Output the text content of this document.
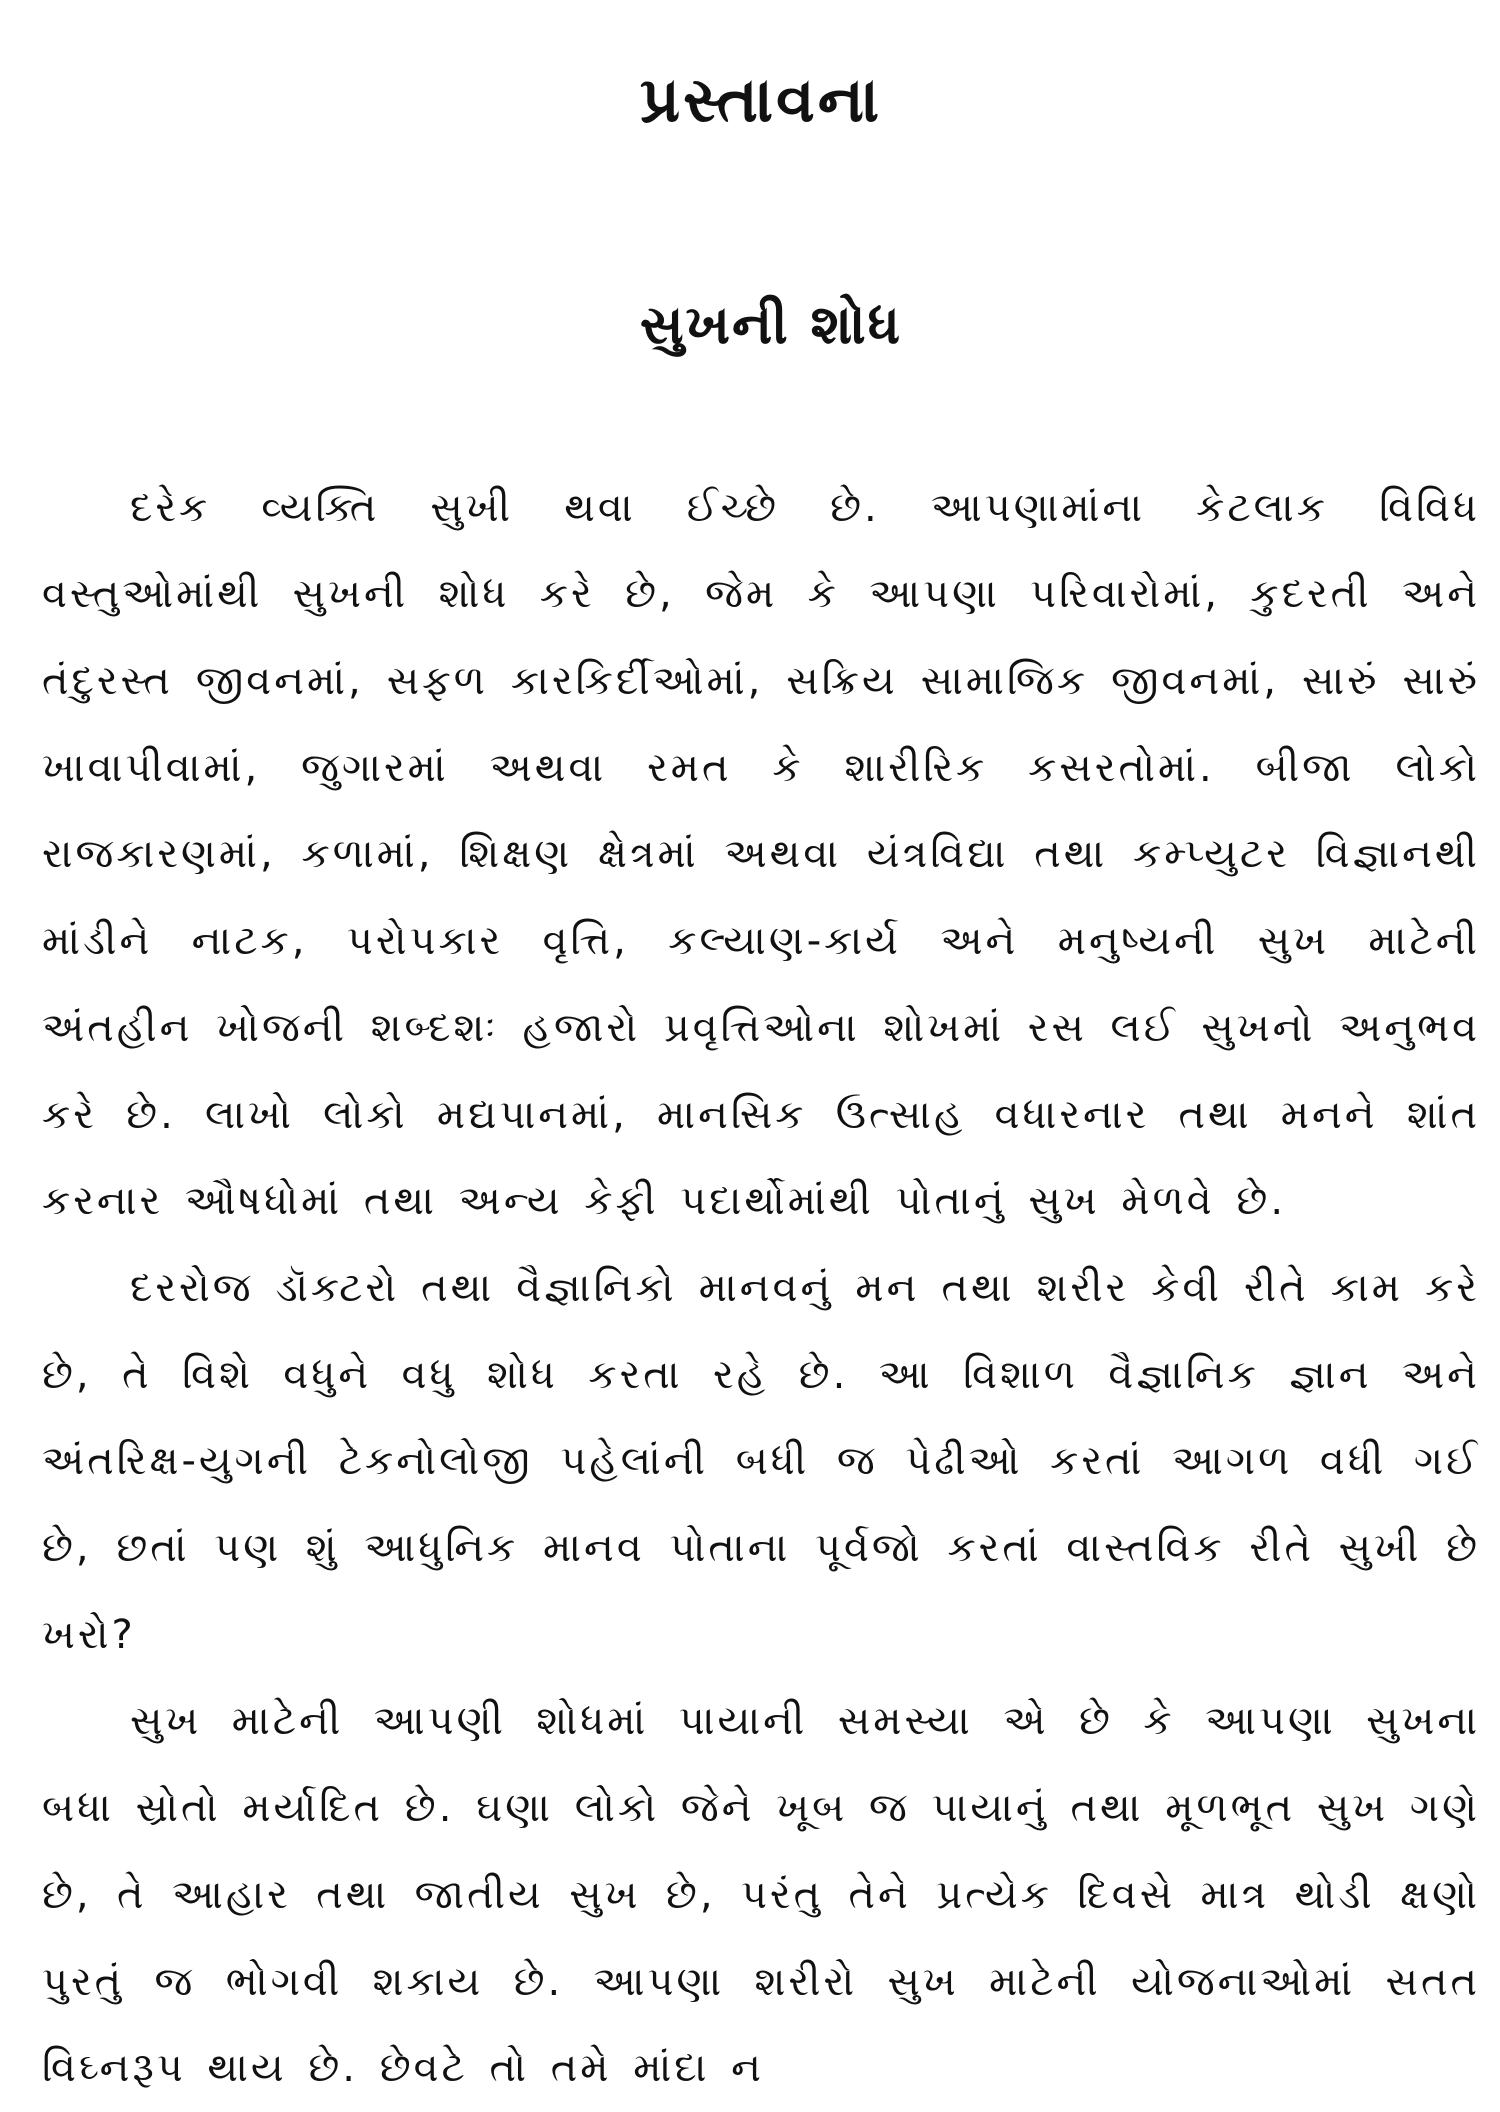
પ્રસ્તાવના
સુખની શોધ

દરેક વ્યક્તિ સુખી થવા ઈચ્છે છે. આપણામાંના કેટલાક વિવિધ વસ્તુઓમાંથી સુખની શોધ કરે છે, જેમ કે આપણા પરિવારોમાં, કુદરતી અને તંદુરસ્ત જીવનમાં, સફળ કારકિર્દીઓમાં, સક્રિય સામાજિક જીવનમાં, સારું સારું ખાવાપીવામાં, જુગારમાં અથવા રમત કે શારીરિક કસરતોમાં. બીજા લોકો રાજકારણમાં, કળામાં, શિક્ષણ ક્ષેત્રમાં અથવા યંત્રવિદ્યા તથા કમ્પ્યુટર વિજ્ઞાનથી માંડીને નાટક, પરોપકાર વૃત્તિ, કલ્યાણ-કાર્ય અને મનુષ્યની સુખ માટેની અંતહીન ખોજની શબ્દશઃ હજારો પ્રવૃત્તિઓના શોખમાં રસ લઈ સુખનો અનુભવ કરે છે. લાખો લોકો મદ્યપાનમાં, માનસિક ઉત્સાહ વધારનાર તથા મનને શાંત કરનાર ઔષધોમાં તથા અન્ય કેફી પદાર્થોમાંથી પોતાનું સુખ મેળવે છે.

દરરોજ ડૉક્ટરો તથા વૈજ્ઞાનિકો માનવનું મન તથા શરીર કેવી રીતે કામ કરે છે, તે વિશે વધુને વધુ શોધ કરતા રહે છે. આ વિશાળ વૈજ્ઞાનિક જ્ઞાન અને અંતરિક્ષ-યુગની ટેકનોલોજી પહેલાંની બધી જ પેઢીઓ કરતાં આગળ વધી ગઈ છે, છતાં પણ શું આધુનિક માનવ પોતાના પૂર્વજો કરતાં વાસ્તવિક રીતે સુખી છે ખરો?

સુખ માટેની આપણી શોધમાં પાયાની સમસ્યા એ છે કે આપણા સુખના બધા સ્રોતો મર્યાદિત છે. ઘણા લોકો જેને ખૂબ જ પાયાનું તથા મૂળભૂત સુખ ગણે છે, તે આહાર તથા જાતીય સુખ છે, પરંતુ તેને પ્રત્યેક દિવસે માત્ર થોડી ક્ષણો પુરતું જ ભોગવી શકાય છે. આપણા શરીરો સુખ માટેની યોજનાઓમાં સતત વિઘ્નરૂપ થાય છે. છેવટે તો તમે માંદા ન
